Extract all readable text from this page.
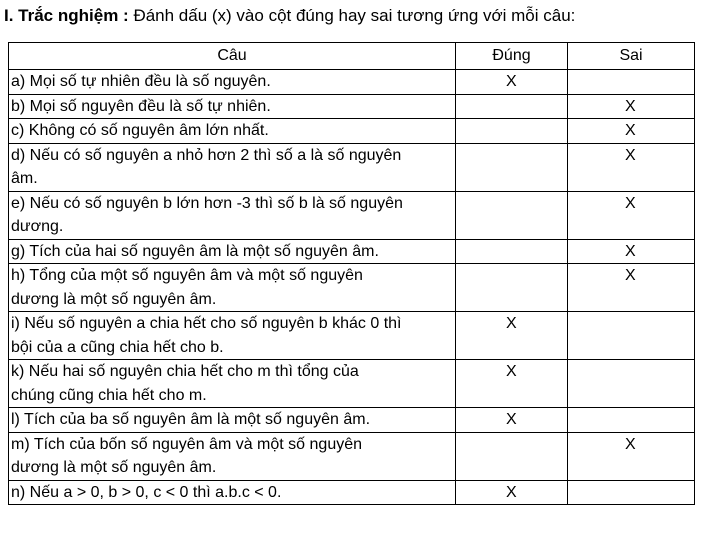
I. Trắc nghiệm : Đánh dấu (x) vào cột đúng hay sai tương ứng với mỗi câu:
Câu	Đúng	Sai

a) Mọi số tự nhiên đều là số nguyên.	X	

b) Mọi số nguyên đều là số tự nhiên.		X

c) Không có số nguyên âm lớn nhất.		X

d) Nếu có số nguyên a nhỏ hơn 2 thì số a là số nguyên
âm.		X

e) Nếu có số nguyên b lớn hơn -3 thì số b là số nguyên
dương.		X

g) Tích của hai số nguyên âm là một số nguyên âm.		X

h) Tổng của một số nguyên âm và một số nguyên
dương là một số nguyên âm.		X

i) Nếu số nguyên a chia hết cho số nguyên b khác 0 thì
bội của a cũng chia hết cho b.	X	

k) Nếu hai số nguyên chia hết cho m thì tổng của
chúng cũng chia hết cho m.	X	

l) Tích của ba số nguyên âm là một số nguyên âm.	X	

m) Tích của bốn số nguyên âm và một số nguyên
dương là một số nguyên âm.		X

n) Nếu a > 0, b > 0, c < 0 thì a.b.c < 0.	X	
